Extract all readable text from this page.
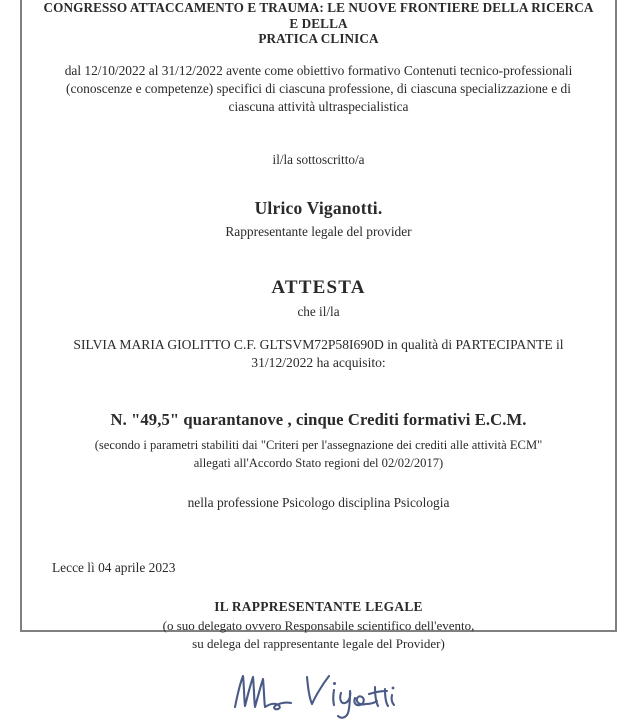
CONGRESSO ATTACCAMENTO E TRAUMA: LE NUOVE FRONTIERE DELLA RICERCA E DELLA
PRATICA CLINICA

dal 12/10/2022 al 31/12/2022 avente come obiettivo formativo Contenuti tecnico-professionali (conoscenze e competenze) specifici di ciascuna professione, di ciascuna specializzazione e di ciascuna attività ultraspecialistica

il/la sottoscritto/a

Ulrico Viganotti.

Rappresentante legale del provider

ATTESTA

che il/la

SILVIA MARIA GIOLITTO C.F. GLTSVM72P58I690D in qualità di PARTECIPANTE il 31/12/2022 ha acquisito:

N. "49,5" quarantanove , cinque Crediti formativi E.C.M.

(secondo i parametri stabiliti dai "Criteri per l'assegnazione dei crediti alle attività ECM"
allegati all'Accordo Stato regioni del 02/02/2017)

nella professione Psicologo disciplina Psicologia

Lecce lì 04 aprile 2023

IL RAPPRESENTANTE LEGALE

(o suo delegato ovvero Responsabile scientifico dell'evento,

su delega del rappresentante legale del Provider)
